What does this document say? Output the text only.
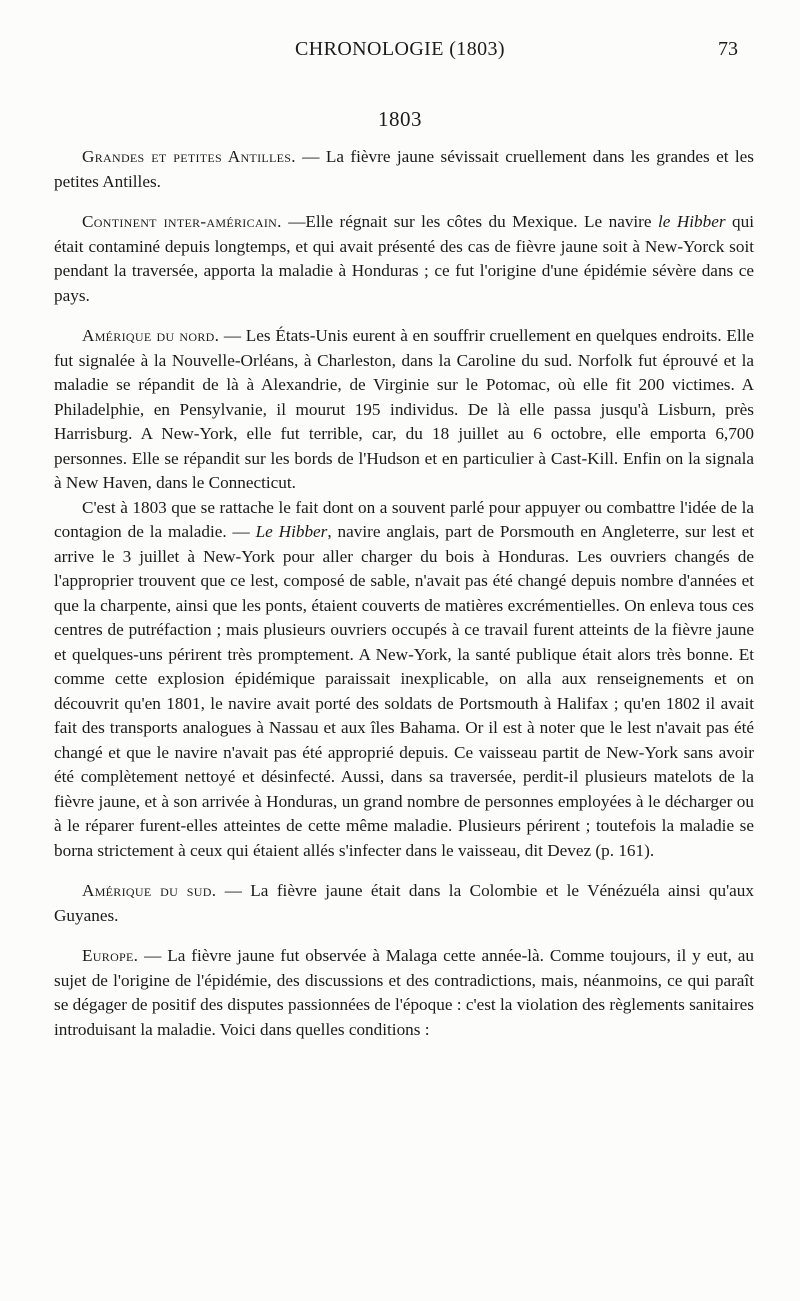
CHRONOLOGIE (1803)	73
1803

Grandes et petites Antilles. — La fièvre jaune sévissait cruellement dans les grandes et les petites Antilles.

Continent inter-américain. —Elle régnait sur les côtes du Mexique. Le navire le Hibber qui était contaminé depuis longtemps, et qui avait présenté des cas de fièvre jaune soit à New-Yorck soit pendant la traversée, apporta la maladie à Honduras ; ce fut l'origine d'une épidémie sévère dans ce pays.

Amérique du nord. — Les États-Unis eurent à en souffrir cruellement en quelques endroits. Elle fut signalée à la Nouvelle-Orléans, à Charleston, dans la Caroline du sud. Norfolk fut éprouvé et la maladie se répandit de là à Alexandrie, de Virginie sur le Potomac, où elle fit 200 victimes. A Philadelphie, en Pensylvanie, il mourut 195 individus. De là elle passa jusqu'à Lisburn, près Harrisburg. A New-York, elle fut terrible, car, du 18 juillet au 6 octobre, elle emporta 6,700 personnes. Elle se répandit sur les bords de l'Hudson et en particulier à Cast-Kill. Enfin on la signala à New Haven, dans le Connecticut.

C'est à 1803 que se rattache le fait dont on a souvent parlé pour appuyer ou combattre l'idée de la contagion de la maladie. — Le Hibber, navire anglais, part de Porsmouth en Angleterre, sur lest et arrive le 3 juillet à New-York pour aller charger du bois à Honduras. Les ouvriers changés de l'approprier trouvent que ce lest, composé de sable, n'avait pas été changé depuis nombre d'années et que la charpente, ainsi que les ponts, étaient couverts de matières excrémentielles. On enleva tous ces centres de putréfaction ; mais plusieurs ouvriers occupés à ce travail furent atteints de la fièvre jaune et quelques-uns périrent très promptement. A New-York, la santé publique était alors très bonne. Et comme cette explosion épidémique paraissait inexplicable, on alla aux renseignements et on découvrit qu'en 1801, le navire avait porté des soldats de Portsmouth à Halifax ; qu'en 1802 il avait fait des transports analogues à Nassau et aux îles Bahama. Or il est à noter que le lest n'avait pas été changé et que le navire n'avait pas été approprié depuis. Ce vaisseau partit de New-York sans avoir été complètement nettoyé et désinfecté. Aussi, dans sa traversée, perdit-il plusieurs matelots de la fièvre jaune, et à son arrivée à Honduras, un grand nombre de personnes employées à le décharger ou à le réparer furent-elles atteintes de cette même maladie. Plusieurs périrent ; toutefois la maladie se borna strictement à ceux qui étaient allés s'infecter dans le vaisseau, dit Devez (p. 161).

Amérique du sud. — La fièvre jaune était dans la Colombie et le Vénézuéla ainsi qu'aux Guyanes.

Europe. — La fièvre jaune fut observée à Malaga cette année-là. Comme toujours, il y eut, au sujet de l'origine de l'épidémie, des discussions et des contradictions, mais, néanmoins, ce qui paraît se dégager de positif des disputes passionnées de l'époque : c'est la violation des règlements sanitaires introduisant la maladie. Voici dans quelles conditions :
